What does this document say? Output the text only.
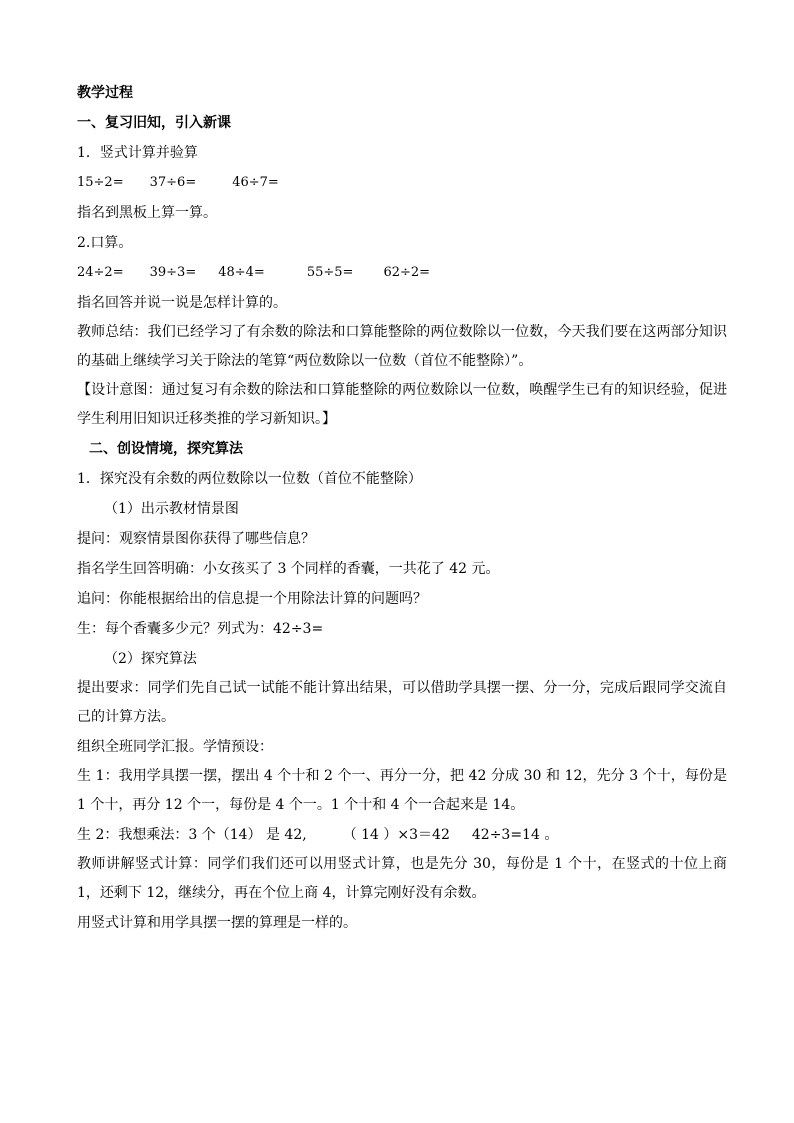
教学过程
一、复习旧知，引入新课
1．竖式计算并验算
15÷2= 37÷6=	46÷7=
指名到黑板上算一算。
2.口算。
24÷2= 39÷3= 48÷4=	55÷5= 62÷2=
指名回答并说一说是怎样计算的。
教师总结：我们已经学习了有余数的除法和口算能整除的两位数除以一位数，今天我们要在这两部分知识的基础上继续学习关于除法的笔算“两位数除以一位数（首位不能整除）”。
【设计意图：通过复习有余数的除法和口算能整除的两位数除以一位数，唤醒学生已有的知识经验，促进学生利用旧知识迁移类推的学习新知识。】
二、创设情境，探究算法
1．探究没有余数的两位数除以一位数（首位不能整除）
（1）出示教材情景图
提问：观察情景图你获得了哪些信息？
指名学生回答明确：小女孩买了 3 个同样的香囊，一共花了 42 元。
追问：你能根据给出的信息提一个用除法计算的问题吗？
生：每个香囊多少元？列式为：42÷3=
（2）探究算法
提出要求：同学们先自己试一试能不能计算出结果，可以借助学具摆一摆、分一分，完成后跟同学交流自己的计算方法。
组织全班同学汇报。学情预设：
生 1：我用学具摆一摆，摆出 4 个十和 2 个一、再分一分，把 42 分成 30 和 12，先分 3 个十，每份是 1 个十，再分 12 个一，每份是 4 个一。1 个十和 4 个一合起来是 14。
生 2：我想乘法：3 个（14） 是 42,	（ 14 ）×3＝42 42÷3=14 。
教师讲解竖式计算：同学们我们还可以用竖式计算，也是先分 30，每份是 1 个十，在竖式的十位上商 1，还剩下 12，继续分，再在个位上商 4，计算完刚好没有余数。
用竖式计算和用学具摆一摆的算理是一样的。
